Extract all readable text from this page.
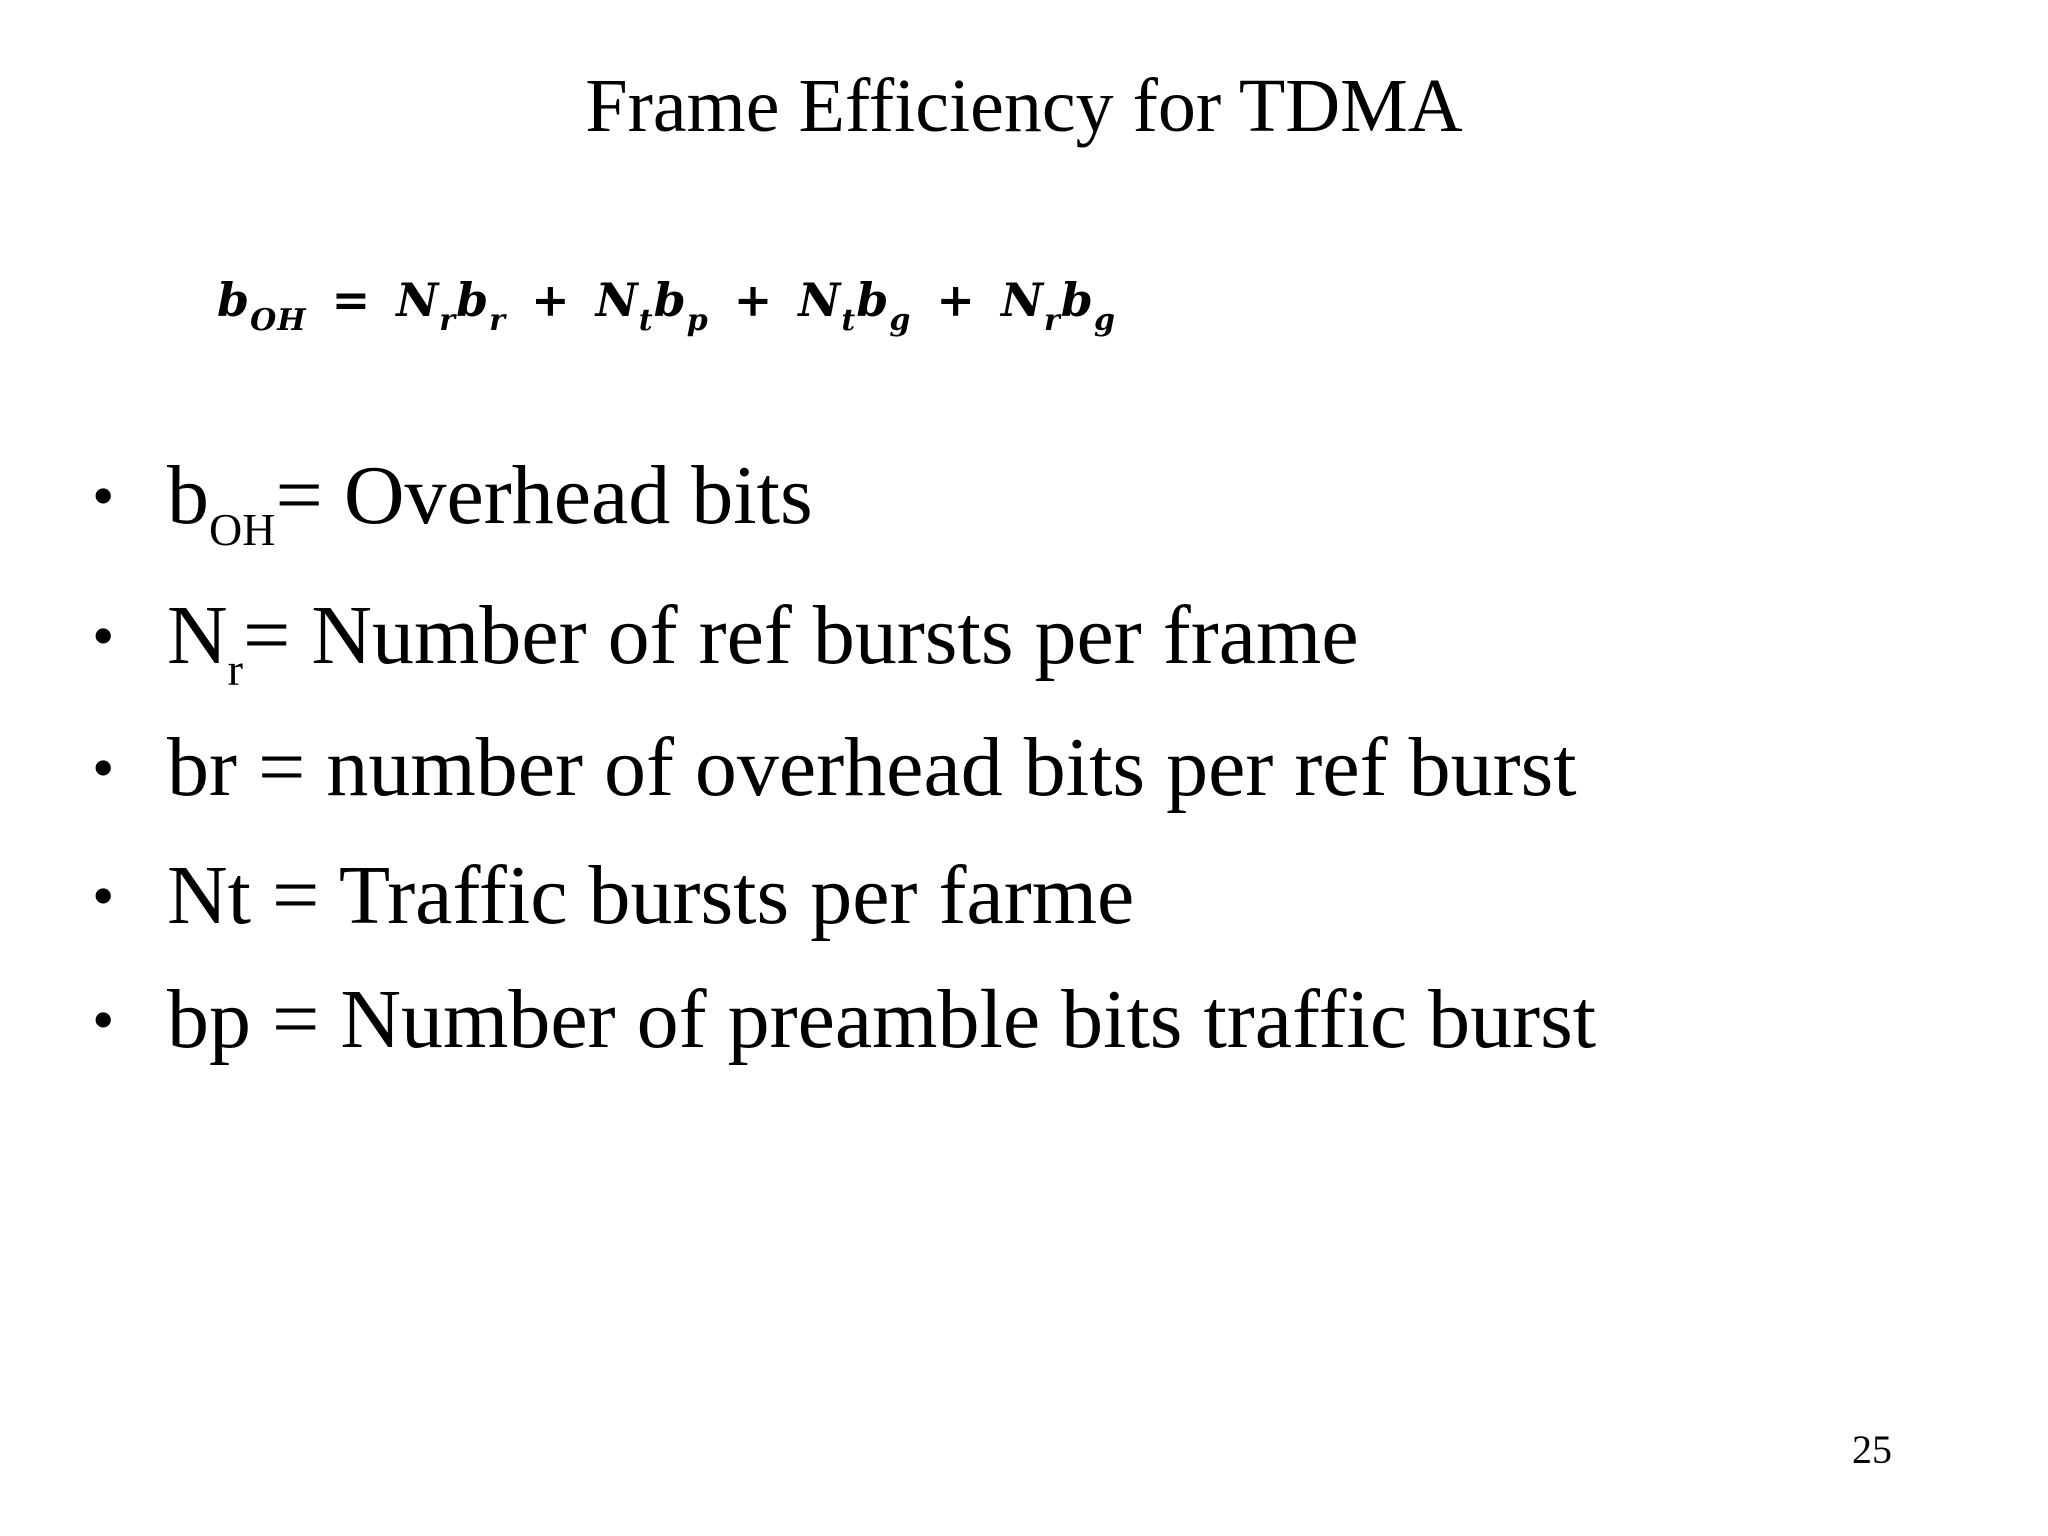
Frame Efficiency for TDMA
$b_{OH} = N_rb_r + N_tb_p + N_tb_g + N_rb_g$
• $b_{OH}=$ Overhead bits
• $N_r=$ Number of ref bursts per frame
• br = number of overhead bits per ref burst
• Nt = Traffic bursts per farme
• bp = Number of preamble bits traffic burst
25
